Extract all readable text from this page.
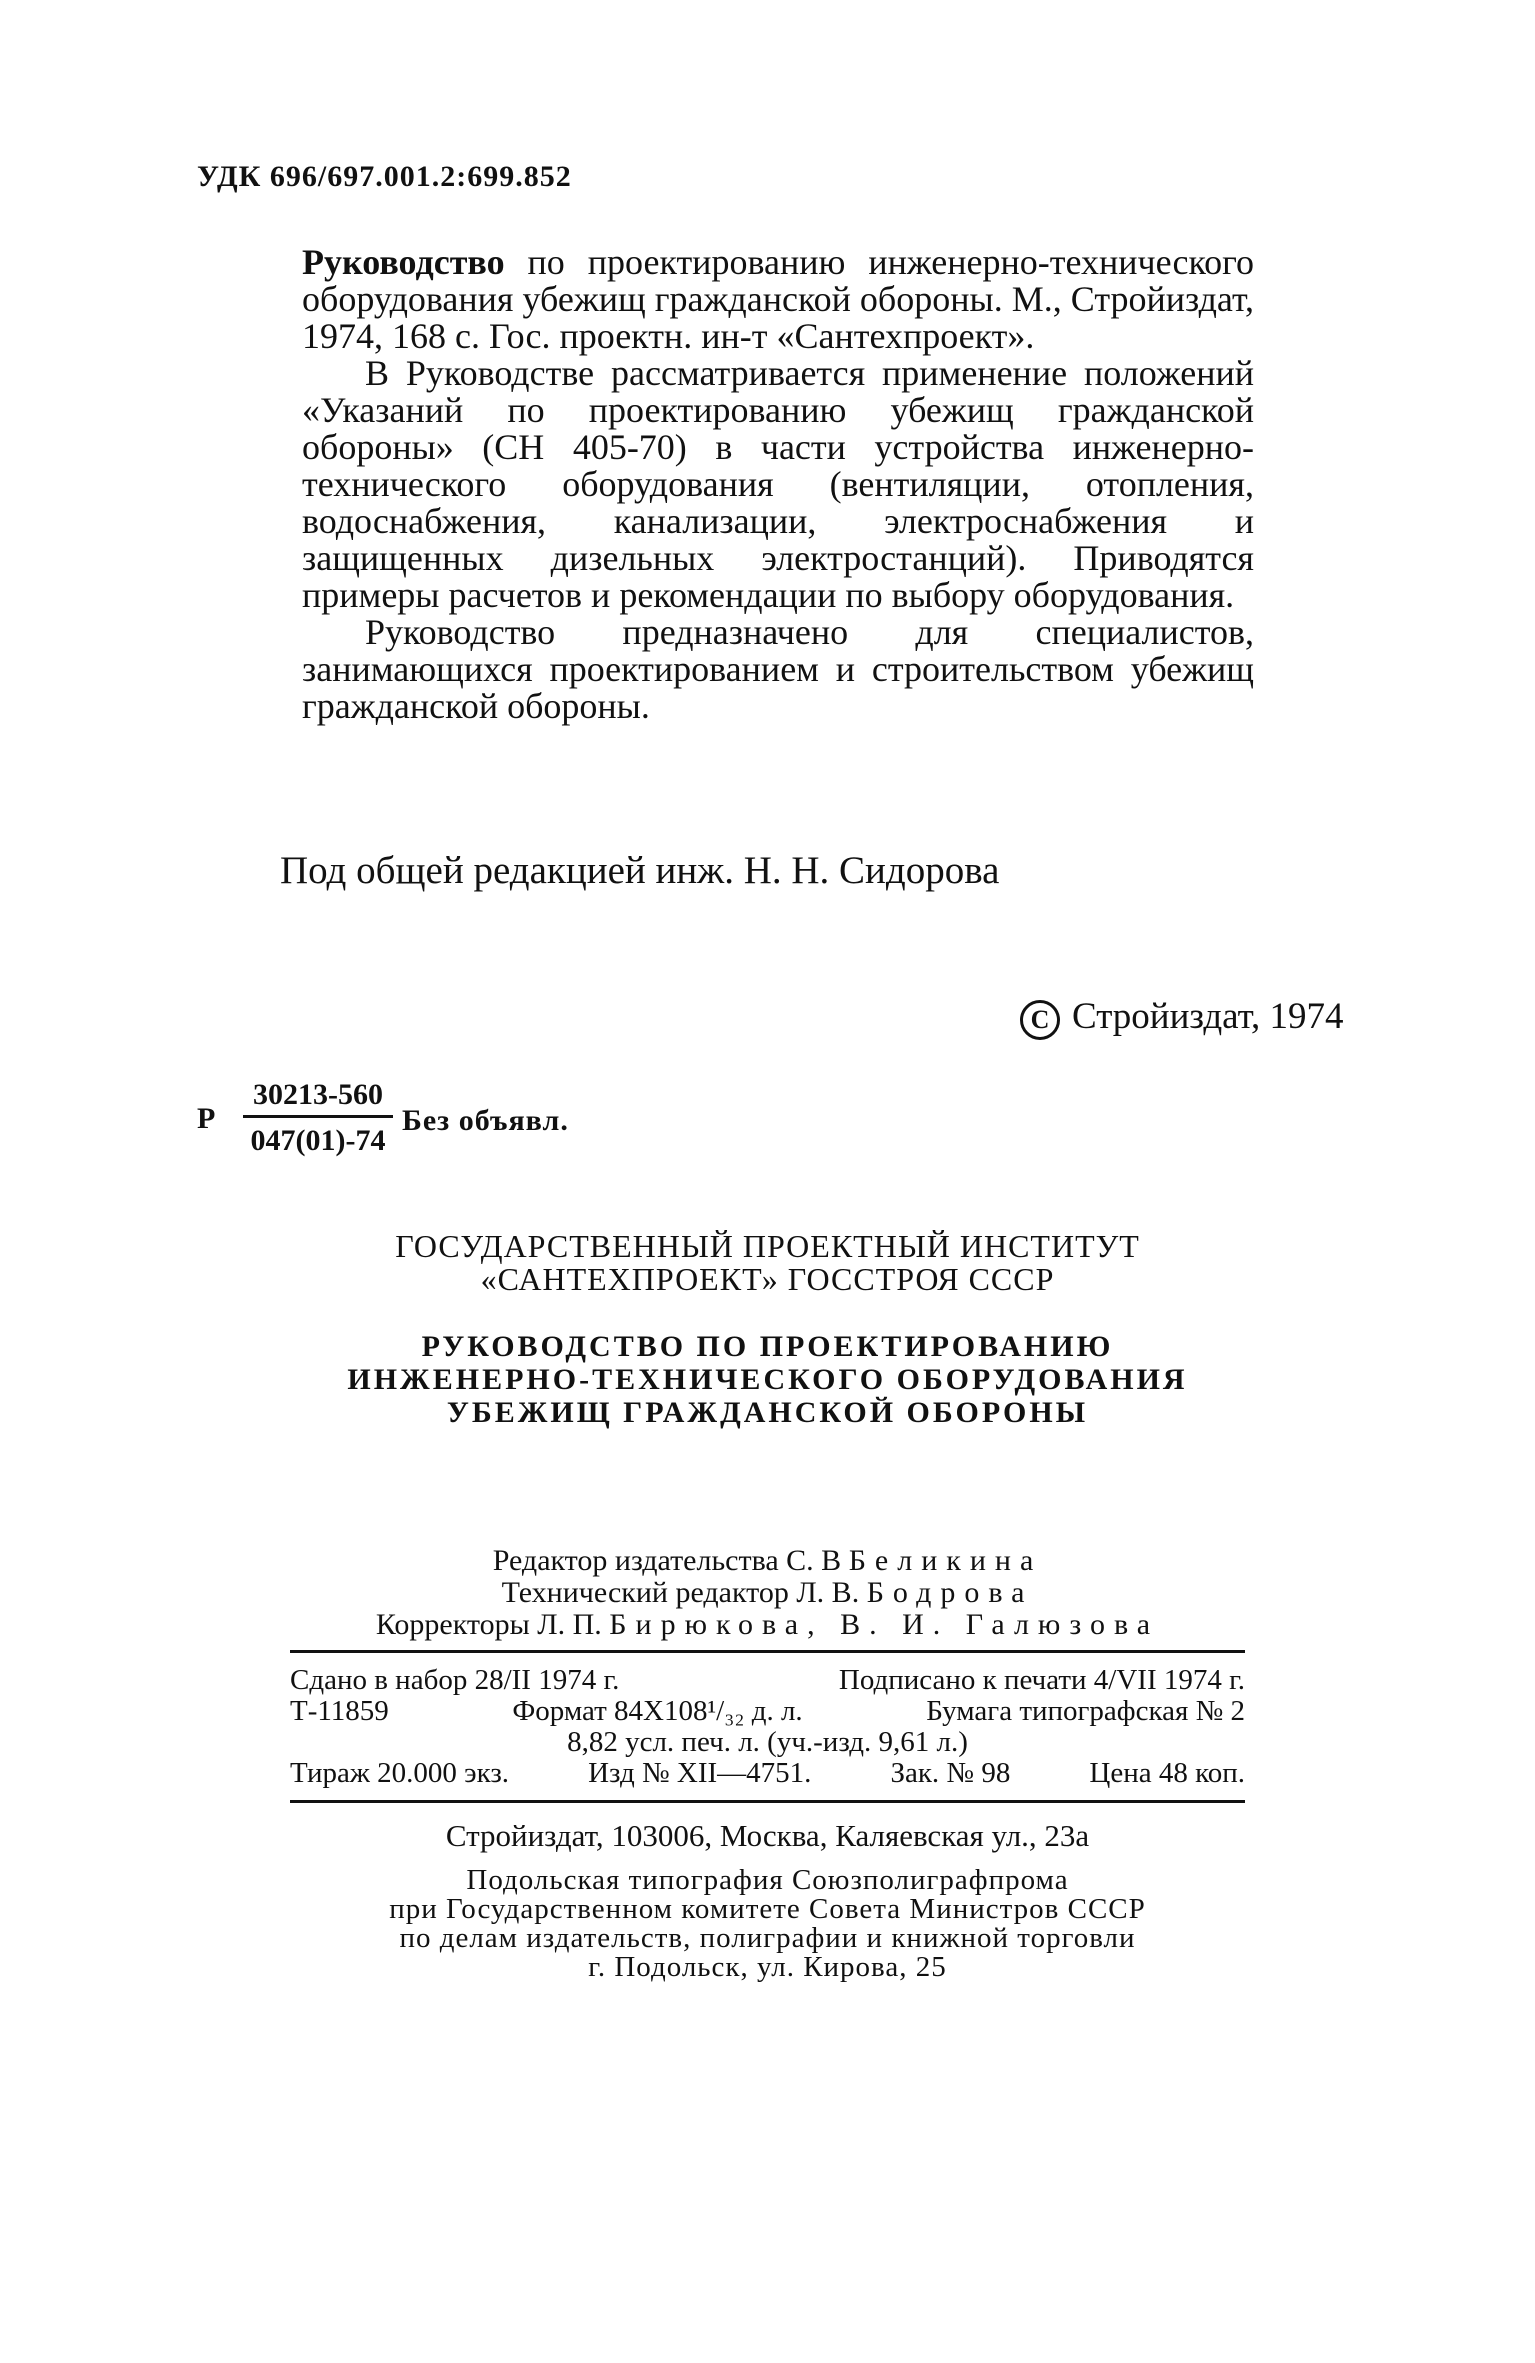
УДК 696/697.001.2:699.852

Руководство по проектированию инженерно-технического оборудования убежищ гражданской обороны. М., Стройиздат, 1974, 168 с. Гос. проектн. ин-т «Сантехпроект».

В Руководстве рассматривается применение положений «Указаний по проектированию убежищ гражданской обороны» (СН 405-70) в части устройства инженерно-технического оборудования (вентиляции, отопления, водоснабжения, канализации, электроснабжения и защищенных дизельных электростанций). Приводятся примеры расчетов и рекомендации по выбору оборудования.

Руководство предназначено для специалистов, занимающихся проектированием и строительством убежищ гражданской обороны.

Под общей редакцией инж. Н. Н. Сидорова
C Стройиздат, 1974
Р
30213-560
047(01)-74
Без объявл.
ГОСУДАРСТВЕННЫЙ ПРОЕКТНЫЙ ИНСТИТУТ
«САНТЕХПРОЕКТ» ГОССТРОЯ СССР
РУКОВОДСТВО ПО ПРОЕКТИРОВАНИЮ
ИНЖЕНЕРНО-ТЕХНИЧЕСКОГО ОБОРУДОВАНИЯ
УБЕЖИЩ ГРАЖДАНСКОЙ ОБОРОНЫ
Редактор издательства С. В Беликина
Технический редактор Л. В. Бодрова
Корректоры Л. П. Бирюкова, В. И. Галюзова
Сдано в набор 28/II 1974 г.	Подписано к печати 4/VII 1974 г.
Т-11859	Формат 84X108¹/₃₂ д. л.	Бумага типографская № 2
8,82 усл. печ. л. (уч.-изд. 9,61 л.)
Тираж 20.000 экз.	Изд № XII—4751.	Зак. № 98	Цена 48 коп.
Стройиздат, 103006, Москва, Каляевская ул., 23а
Подольская типография Союзполиграфпрома
при Государственном комитете Совета Министров СССР
по делам издательств, полиграфии и книжной торговли
г. Подольск, ул. Кирова, 25
